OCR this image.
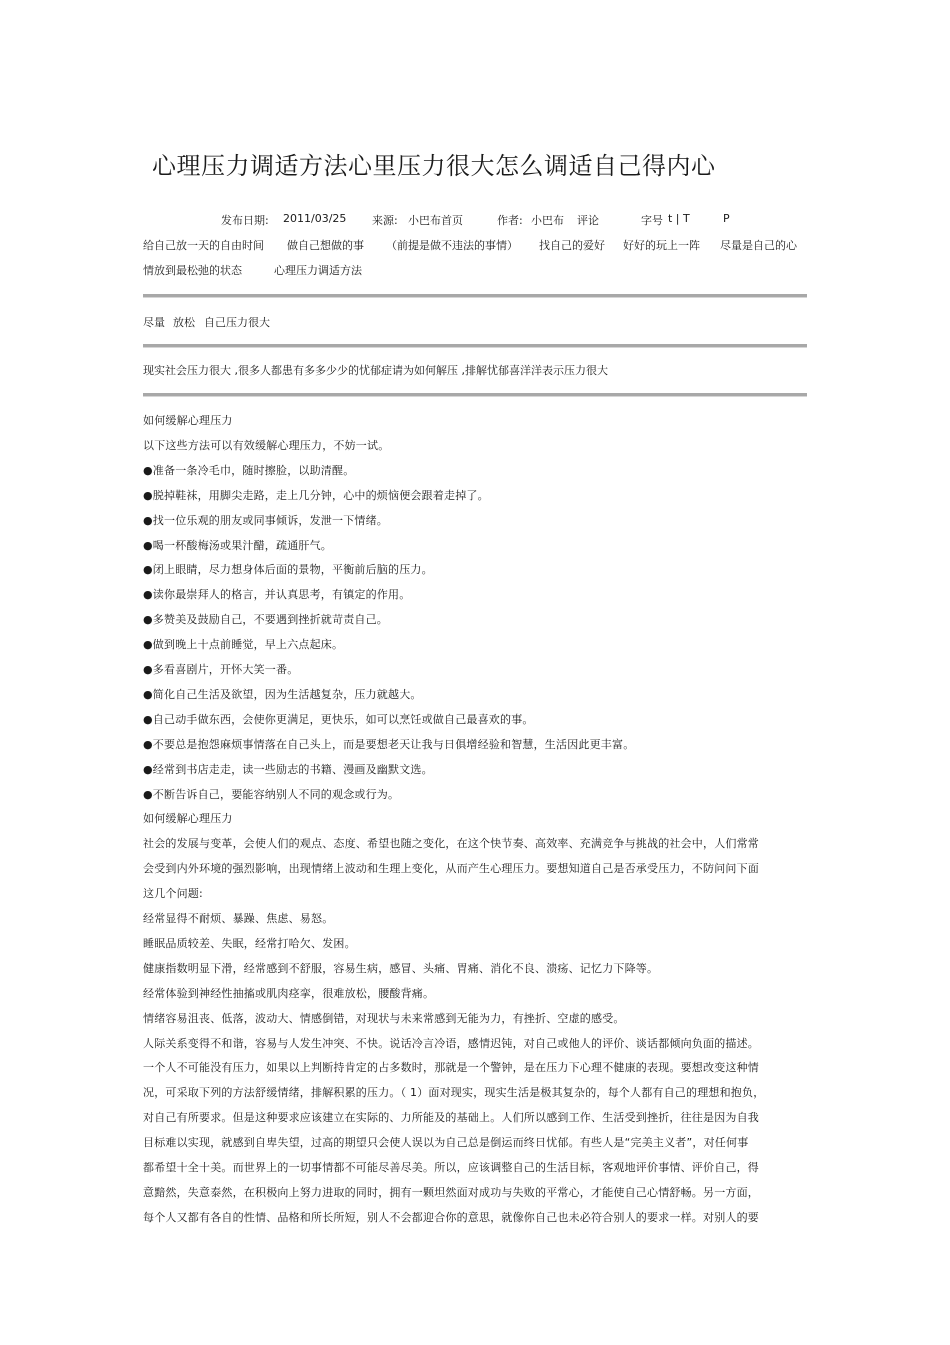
心理压力调适方法心里压力很大怎么调适自己得内心
发布日期: 2011/03/25 来源: 小巴布首页	作者: 小巴布 评论	字号 t | T	P
给自己放一天的自由时间 做自己想做的事 （前提是做不违法的事情） 找自己的爱好 好好的玩上一阵 尽量是自己的心
情放到最松弛的状态	心理压力调适方法
尽量 放松 自己压力很大
现实社会压力很大 ,很多人都患有多多少少的忧郁症请为如何解压 ,排解忧郁喜洋洋表示压力很大
如何缓解心理压力
以下这些方法可以有效缓解心理压力，不妨一试。
●准备一条冷毛巾，随时擦脸，以助清醒。
●脱掉鞋袜，用脚尖走路，走上几分钟，心中的烦恼便会跟着走掉了。
●找一位乐观的朋友或同事倾诉，发泄一下情绪。
●喝一杯酸梅汤或果汁醋，疏通肝气。
●闭上眼睛，尽力想身体后面的景物，平衡前后脑的压力。
●读你最崇拜人的格言，并认真思考，有镇定的作用。
●多赞美及鼓励自己，不要遇到挫折就苛责自己。
●做到晚上十点前睡觉，早上六点起床。
●多看喜剧片，开怀大笑一番。
●简化自己生活及欲望，因为生活越复杂，压力就越大。
●自己动手做东西，会使你更满足，更快乐，如可以烹饪或做自己最喜欢的事。
●不要总是抱怨麻烦事情落在自己头上，而是要想老天让我与日俱增经验和智慧，生活因此更丰富。
●经常到书店走走，读一些励志的书籍、漫画及幽默文选。
●不断告诉自己，要能容纳别人不同的观念或行为。
如何缓解心理压力
社会的发展与变革，会使人们的观点、态度、希望也随之变化，在这个快节奏、高效率、充满竞争与挑战的社会中，人们常常
会受到内外环境的强烈影响，出现情绪上波动和生理上变化，从而产生心理压力。要想知道自己是否承受压力，不防问问下面
这几个问题:
经常显得不耐烦、暴躁、焦虑、易怒。
睡眠品质较差、失眠，经常打哈欠、发困。
健康指数明显下滑，经常感到不舒服，容易生病，感冒、头痛、胃痛、消化不良、溃疡、记忆力下降等。
经常体验到神经性抽搐或肌肉痉挛，很难放松，腰酸背痛。
情绪容易沮丧、低落，波动大、情感倒错，对现状与未来常感到无能为力，有挫折、空虚的感受。
人际关系变得不和谐，容易与人发生冲突、不快。说话冷言冷语，感情迟钝，对自己或他人的评价、谈话都倾向负面的描述。
一个人不可能没有压力，如果以上判断持肯定的占多数时，那就是一个警钟，是在压力下心理不健康的表现。要想改变这种情
况，可采取下列的方法舒缓情绪，排解积累的压力。（ 1）面对现实，现实生活是极其复杂的，每个人都有自己的理想和抱负，
对自己有所要求。但是这种要求应该建立在实际的、力所能及的基础上。人们所以感到工作、生活受到挫折，往往是因为自我
目标难以实现，就感到自卑失望，过高的期望只会使人误以为自己总是倒运而终日忧郁。有些人是“完美主义者”，对任何事
都希望十全十美。而世界上的一切事情都不可能尽善尽美。所以，应该调整自己的生活目标，客观地评价事情、评价自己，得
意黯然，失意泰然，在积极向上努力进取的同时，拥有一颗坦然面对成功与失败的平常心，才能使自己心情舒畅。另一方面，
每个人又都有各自的性情、品格和所长所短，别人不会都迎合你的意思，就像你自己也未必符合别人的要求一样。对别人的要
